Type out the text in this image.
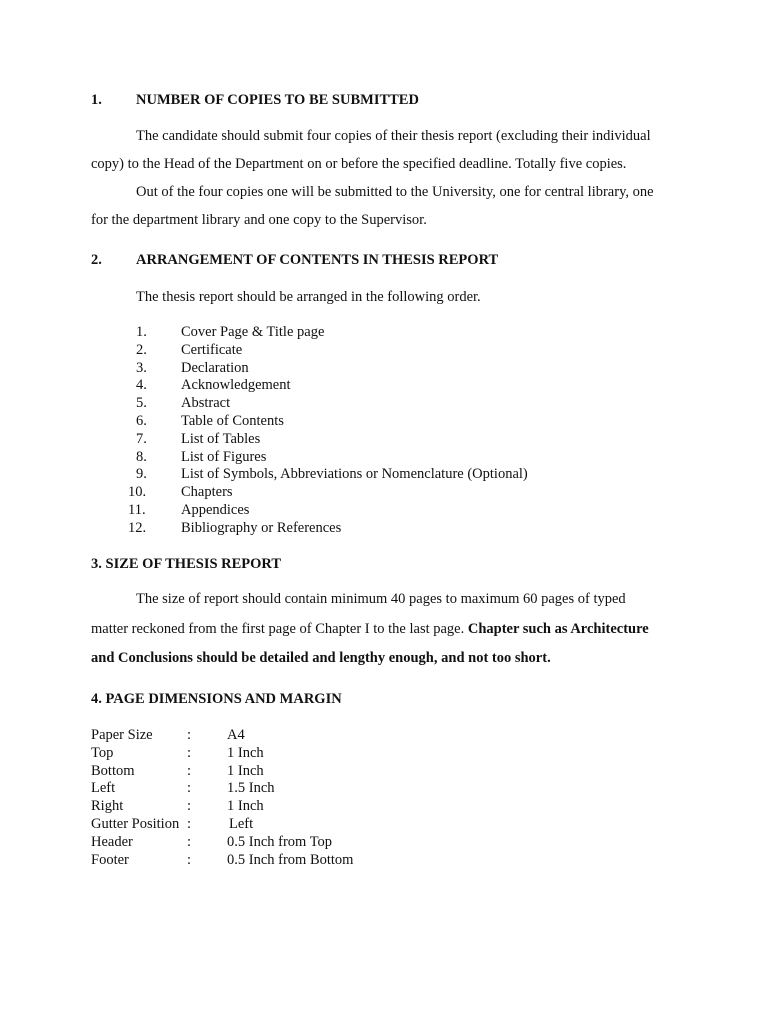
1. NUMBER OF COPIES TO BE SUBMITTED
The candidate should submit four copies of their thesis report (excluding their individual
copy) to the Head of the Department on or before the specified deadline. Totally five copies.
Out of the four copies one will be submitted to the University, one for central library, one
for the department library and one copy to the Supervisor.
2. ARRANGEMENT OF CONTENTS IN THESIS REPORT
The thesis report should be arranged in the following order.
1. Cover Page & Title page
2. Certificate
3. Declaration
4. Acknowledgement
5. Abstract
6. Table of Contents
7. List of Tables
8. List of Figures
9. List of Symbols, Abbreviations or Nomenclature (Optional)
10. Chapters
11. Appendices
12. Bibliography or References
3. SIZE OF THESIS REPORT
The size of report should contain minimum 40 pages to maximum 60 pages of typed
matter reckoned from the first page of Chapter I to the last page. Chapter such as Architecture
and Conclusions should be detailed and lengthy enough, and not too short.
4. PAGE DIMENSIONS AND MARGIN
Paper Size : A4
Top	: 1 Inch
Bottom	: 1 Inch
Left	: 1.5 Inch
Right	: 1 Inch
Gutter Position :	Left
Header	: 0.5 Inch from Top
Footer	: 0.5 Inch from Bottom
